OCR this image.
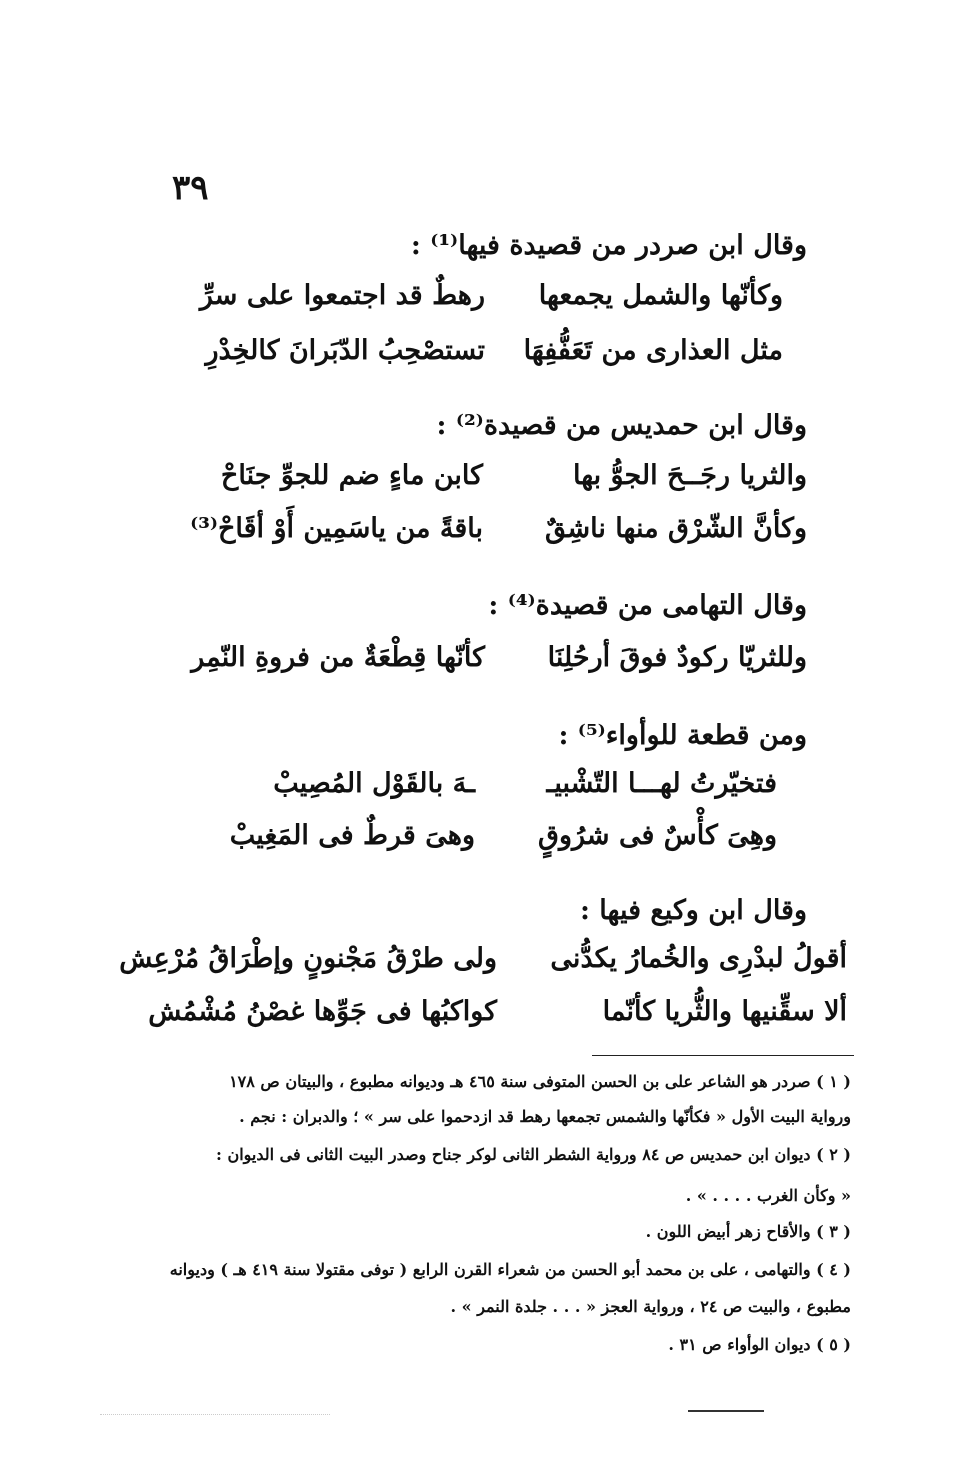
٣٩
وقال ابن صردر من قصيدة فيها⁽¹⁾ :
وكأنّها والشمل يجمعها
رهطٌ قد اجتمعوا على سرِّ
مثل العذارى من تَعَفُّفِهَا
تستصْحِبُ الدّبَرانَ كالخِدْرِ
وقال ابن حمديس من قصيدة⁽²⁾ :
والثريا رجَــحَ الجوُّ بها
كابن ماءٍ ضم للجوِّ جنَاحْ
وكأنَّ الشّرْق منها ناشِقٌ
باقةً من ياسَمِين أَوْ أقَاحْ⁽³⁾
وقال التهامى من قصيدة⁽⁴⁾ :
وللثريّا ركودٌ فوقَ أرحُلِنَا
كأنّها قِطْعَةٌ من فروةِ النّمِر
ومن قطعة للوأواء⁽⁵⁾ :
فتخيّرتُ لهـــا التّشْبيـ
ـهَ بالقَوْل المُصِيبْ
وهِىَ كأْسٌ فى شرُوقٍ
وهىَ قرطٌ فى المَغِيبْ
وقال ابن وكيع فيها :
أقولُ لبدْرِى والخُمارُ يكدُّنى
ولى طرْقُ مَجْنونٍ وإطْرَاقُ مُرْعِش
ألا سقِّنيها والثُّريا كأنّما
كواكبُها فى جَوِّها غصْنُ مُشْمُش
( ١ ) صردر هو الشاعر على بن الحسن المتوفى سنة ٤٦٥ هـ وديوانه مطبوع ، والبيتان ص ١٧٨
ورواية البيت الأول « فكأنّها والشمس تجمعها رهط قد ازدحموا على سر » ؛ والدبران : نجم .
( ٢ ) ديوان ابن حمديس ص ٨٤ ورواية الشطر الثانى لوكر جناح وصدر البيت الثانى فى الديوان :
« وكأن الغرب . . . . » .
( ٣ ) والأقاح زهر أبيض اللون .
( ٤ ) والتهامى ، على بن محمد أبو الحسن من شعراء القرن الرابع ( توفى مقتولا سنة ٤١٩ هـ ) وديوانه
مطبوع ، والبيت ص ٢٤ ، ورواية العجز « . . . جلدة النمر » .
( ٥ ) ديوان الوأواء ص ٣١ .
